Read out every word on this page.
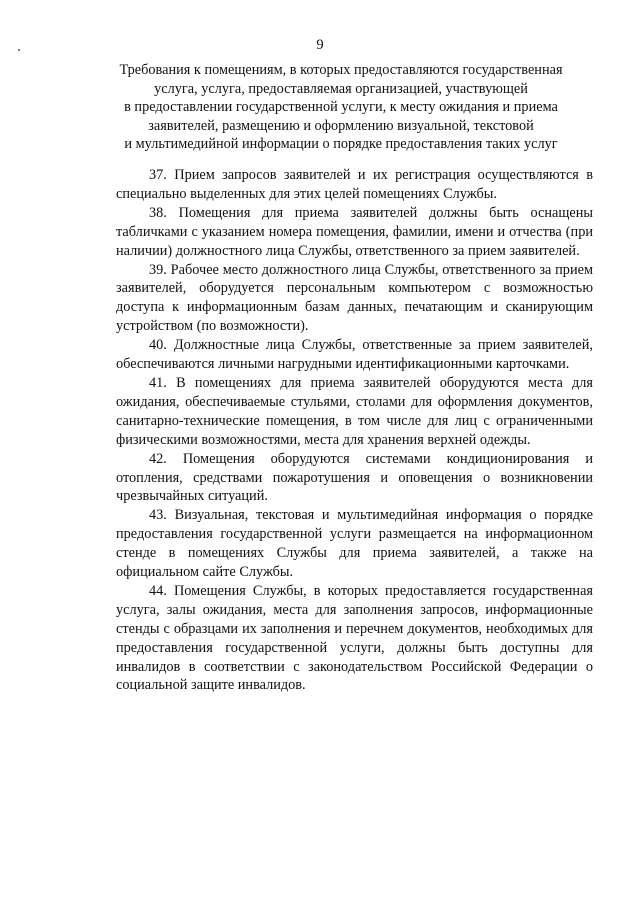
9
Требования к помещениям, в которых предоставляются государственная
услуга, услуга, предоставляемая организацией, участвующей
в предоставлении государственной услуги, к месту ожидания и приема
заявителей, размещению и оформлению визуальной, текстовой
и мультимедийной информации о порядке предоставления таких услуг

37. Прием запросов заявителей и их регистрация осуществляются в специально выделенных для этих целей помещениях Службы.

38. Помещения для приема заявителей должны быть оснащены табличками с указанием номера помещения, фамилии, имени и отчества (при наличии) должностного лица Службы, ответственного за прием заявителей.

39. Рабочее место должностного лица Службы, ответственного за прием заявителей, оборудуется персональным компьютером с возможностью доступа к информационным базам данных, печатающим и сканирующим устройством (по возможности).

40. Должностные лица Службы, ответственные за прием заявителей, обеспечиваются личными нагрудными идентификационными карточками.

41. В помещениях для приема заявителей оборудуются места для ожидания, обеспечиваемые стульями, столами для оформления документов, санитарно-технические помещения, в том числе для лиц с ограниченными физическими возможностями, места для хранения верхней одежды.

42. Помещения оборудуются системами кондиционирования и отопления, средствами пожаротушения и оповещения о возникновении чрезвычайных ситуаций.

43. Визуальная, текстовая и мультимедийная информация о порядке предоставления государственной услуги размещается на информационном стенде в помещениях Службы для приема заявителей, а также на официальном сайте Службы.

44. Помещения Службы, в которых предоставляется государственная услуга, залы ожидания, места для заполнения запросов, информационные стенды с образцами их заполнения и перечнем документов, необходимых для предоставления государственной услуги, должны быть доступны для инвалидов в соответствии с законодательством Российской Федерации о социальной защите инвалидов.
